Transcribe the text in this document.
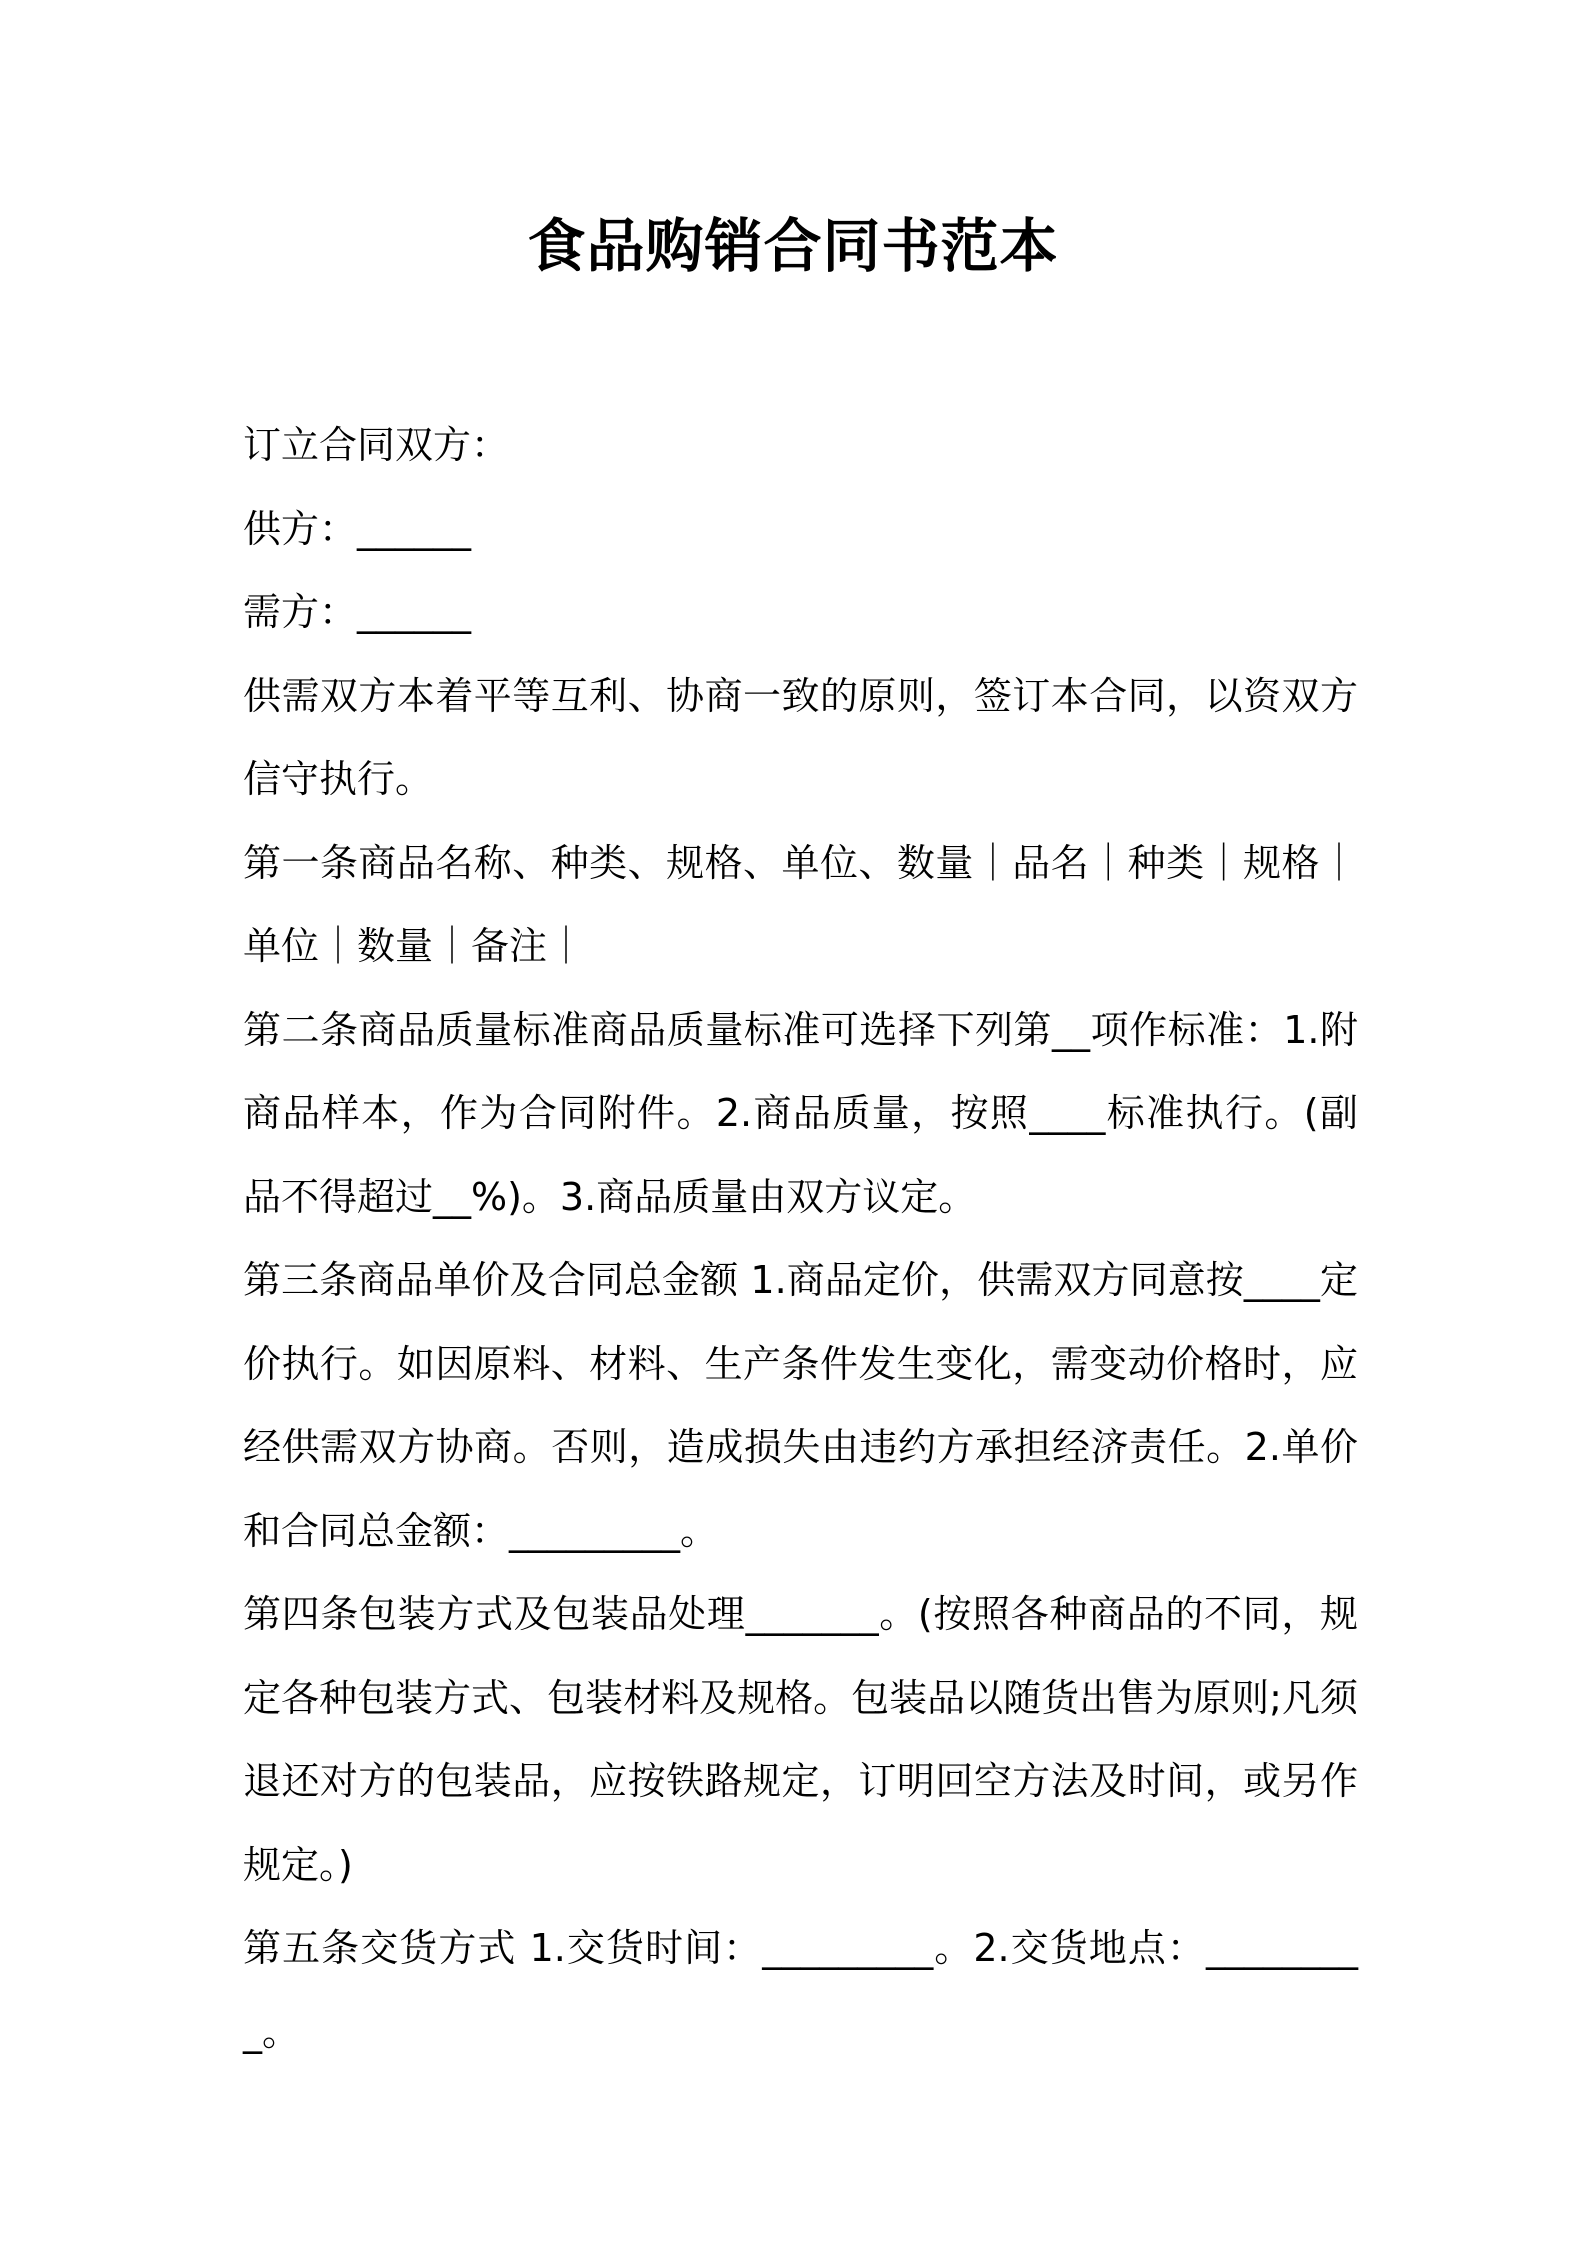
食品购销合同书范本

订立合同双方：

供方：______

需方：______

供需双方本着平等互利、协商一致的原则，签订本合同，以资双方信守执行。

第一条商品名称、种类、规格、单位、数量｜品名｜种类｜规格｜单位｜数量｜备注｜

第二条商品质量标准商品质量标准可选择下列第__项作标准：1.附商品样本，作为合同附件。2.商品质量，按照____标准执行。(副品不得超过__%)。3.商品质量由双方议定。

第三条商品单价及合同总金额 1.商品定价，供需双方同意按____定价执行。如因原料、材料、生产条件发生变化，需变动价格时，应经供需双方协商。否则，造成损失由违约方承担经济责任。2.单价和合同总金额：_________。

第四条包装方式及包装品处理_______。(按照各种商品的不同，规定各种包装方式、包装材料及规格。包装品以随货出售为原则;凡须退还对方的包装品，应按铁路规定，订明回空方法及时间，或另作规定。)

第五条交货方式 1.交货时间：_________。2.交货地点：_________。
